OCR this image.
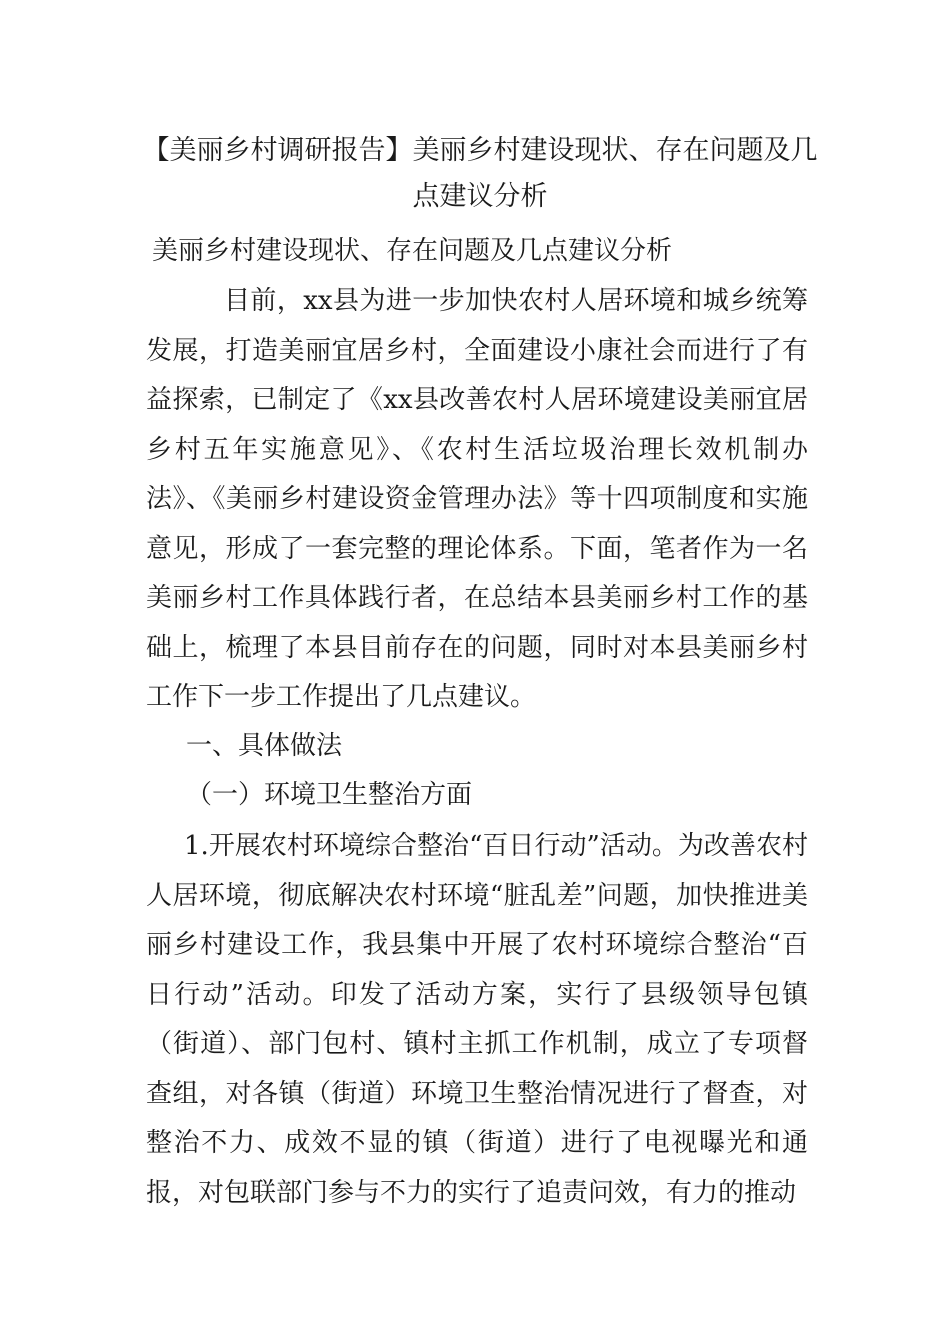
【美丽乡村调研报告】美丽乡村建设现状、存在问题及几点建议分析

美丽乡村建设现状、存在问题及几点建议分析

目前，xx县为进一步加快农村人居环境和城乡统筹发展，打造美丽宜居乡村，全面建设小康社会而进行了有益探索，已制定了《xx县改善农村人居环境建设美丽宜居乡村五年实施意见》、《农村生活垃圾治理长效机制办法》、《美丽乡村建设资金管理办法》等十四项制度和实施意见，形成了一套完整的理论体系。下面，笔者作为一名美丽乡村工作具体践行者，在总结本县美丽乡村工作的基础上，梳理了本县目前存在的问题，同时对本县美丽乡村工作下一步工作提出了几点建议。

一、具体做法

（一）环境卫生整治方面

1.开展农村环境综合整治“百日行动”活动。为改善农村人居环境，彻底解决农村环境“脏乱差”问题，加快推进美丽乡村建设工作，我县集中开展了农村环境综合整治“百日行动”活动。印发了活动方案，实行了县级领导包镇（街道）、部门包村、镇村主抓工作机制，成立了专项督查组，对各镇（街道）环境卫生整治情况进行了督查，对整治不力、成效不显的镇（街道）进行了电视曝光和通报，对包联部门参与不力的实行了追责问效，有力的推动
